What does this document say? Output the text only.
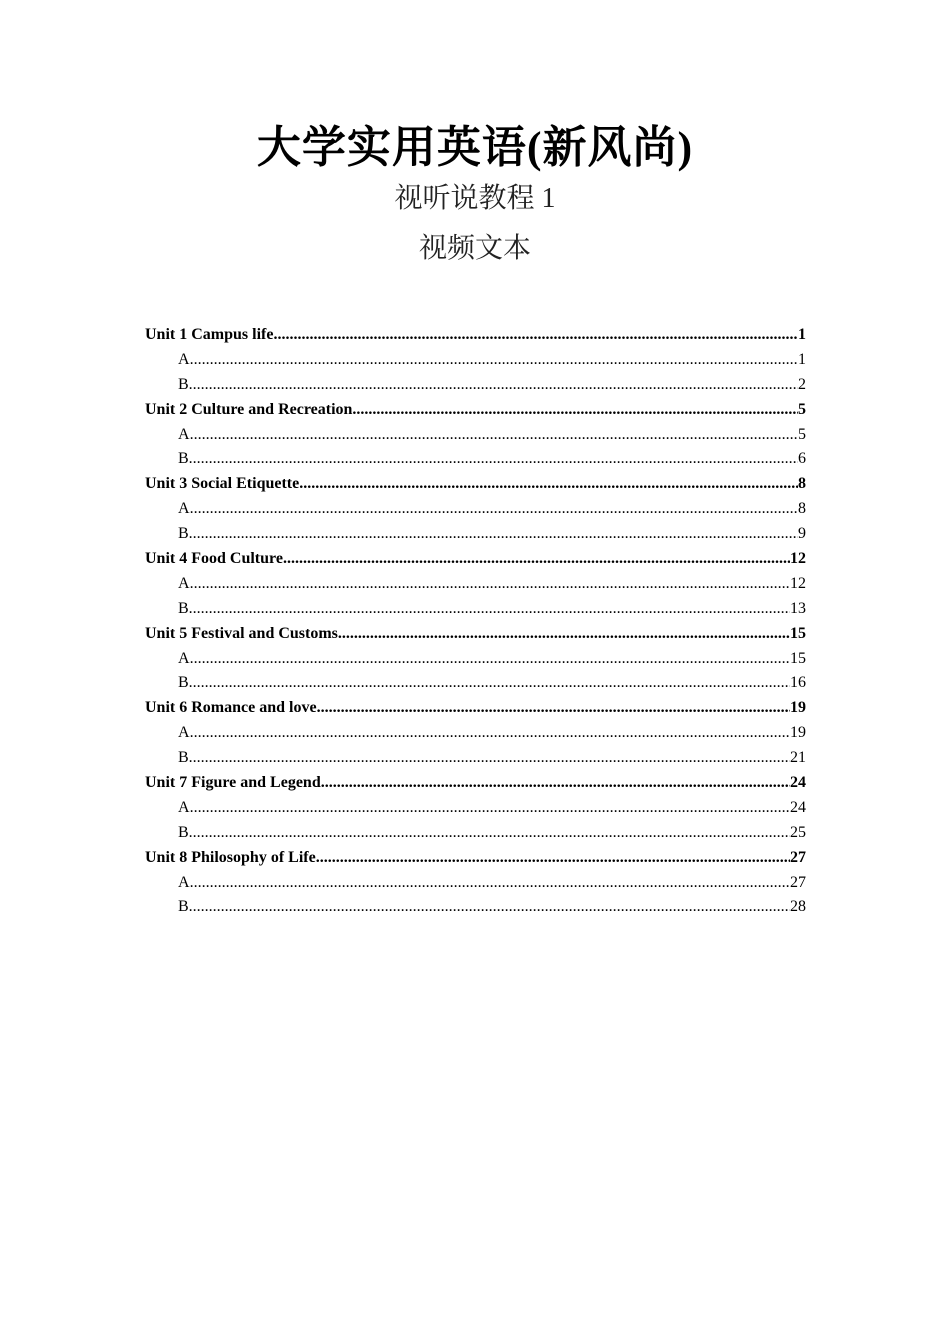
大学实用英语(新风尚)
视听说教程 1
视频文本
Unit 1 Campus life .....	1
A .....	1
B .....	2
Unit 2 Culture and Recreation .....	5
A .....	5
B .....	6
Unit 3 Social Etiquette .....	8
A .....	8
B .....	9
Unit 4 Food Culture .....	12
A .....	12
B .....	13
Unit 5 Festival and Customs .....	15
A .....	15
B .....	16
Unit 6 Romance and love .....	19
A .....	19
B .....	21
Unit 7 Figure and Legend .....	24
A .....	24
B .....	25
Unit 8 Philosophy of Life .....	27
A .....	27
B .....	28
